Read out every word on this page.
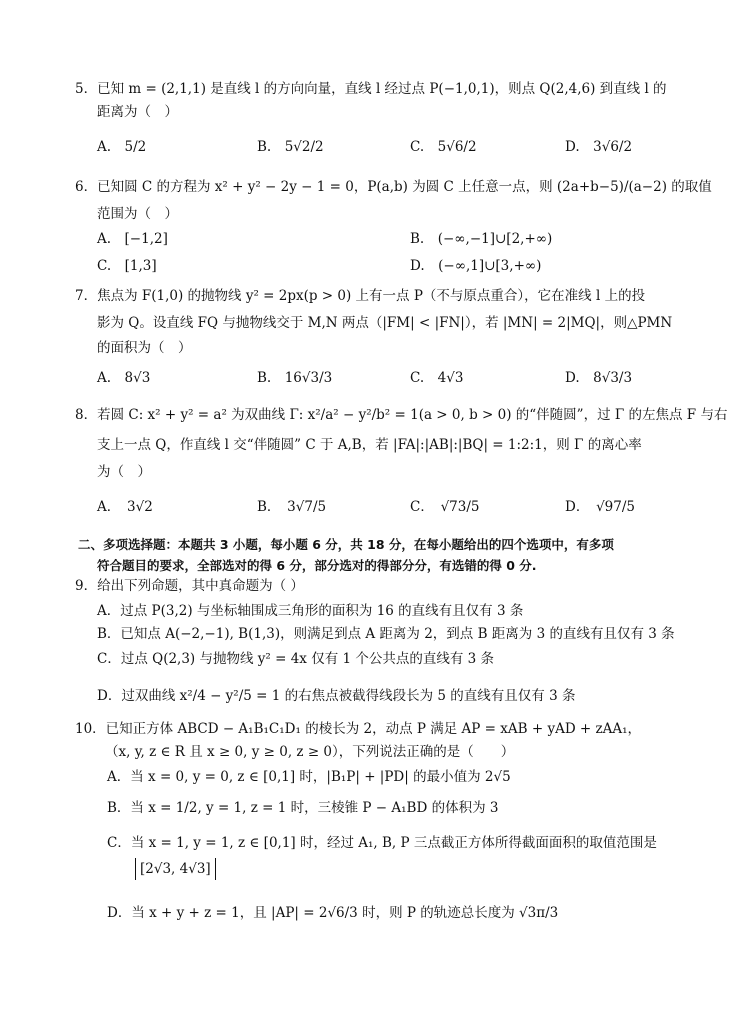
5．已知 m = (2,1,1) 是直线 l 的方向向量，直线 l 经过点 P(−1,0,1)，则点 Q(2,4,6) 到直线 l 的
距离为（　）
A.　5/2	B.　5√2/2	C.　5√6/2	D.　3√6/2
6．已知圆 C 的方程为 x² + y² − 2y − 1 = 0，P(a,b) 为圆 C 上任意一点，则 (2a+b−5)/(a−2) 的取值
范围为（　）
A.　[−1,2]	B.　(−∞,−1]∪[2,+∞)
C.　[1,3]	D.　(−∞,1]∪[3,+∞)
7．焦点为 F(1,0) 的抛物线 y² = 2px(p > 0) 上有一点 P（不与原点重合），它在准线 l 上的投
影为 Q。设直线 FQ 与抛物线交于 M,N 两点（|FM| < |FN|），若 |MN| = 2|MQ|，则△PMN
的面积为（　）
A.　8√3	B.　16√3/3	C.　4√3	D.　8√3/3
8．若圆 C: x² + y² = a² 为双曲线 Γ: x²/a² − y²/b² = 1(a > 0, b > 0) 的“伴随圆”，过 Γ 的左焦点 F 与右
支上一点 Q，作直线 l 交“伴随圆” C 于 A,B，若 |FA|:|AB|:|BQ| = 1:2:1，则 Γ 的离心率
为（　）
A．　3√2	B．　3√7/5	C．　√73/5	D．　√97/5
二、多项选择题：本题共 3 小题，每小题 6 分，共 18 分，在每小题给出的四个选项中，有多项
符合题目的要求，全部选对的得 6 分，部分选对的得部分分，有选错的得 0 分.
9．给出下列命题，其中真命题为（ ）
A．过点 P(3,2) 与坐标轴围成三角形的面积为 16 的直线有且仅有 3 条
B．已知点 A(−2,−1), B(1,3)，则满足到点 A 距离为 2，到点 B 距离为 3 的直线有且仅有 3 条
C．过点 Q(2,3) 与抛物线 y² = 4x 仅有 1 个公共点的直线有 3 条
D．过双曲线 x²/4 − y²/5 = 1 的右焦点被截得线段长为 5 的直线有且仅有 3 条
10．已知正方体 ABCD − A₁B₁C₁D₁ 的棱长为 2，动点 P 满足 AP = xAB + yAD + zAA₁，
（x, y, z ∈ R 且 x ≥ 0, y ≥ 0, z ≥ 0），下列说法正确的是（　　）
A．当 x = 0, y = 0, z ∈ [0,1] 时，|B₁P| + |PD| 的最小值为 2√5
B．当 x = 1/2, y = 1, z = 1 时，三棱锥 P − A₁BD 的体积为 3
C．当 x = 1, y = 1, z ∈ [0,1] 时，经过 A₁, B, P 三点截正方体所得截面面积的取值范围是
[2√3, 4√3]
D．当 x + y + z = 1，且 |AP| = 2√6/3 时，则 P 的轨迹总长度为 √3π/3
